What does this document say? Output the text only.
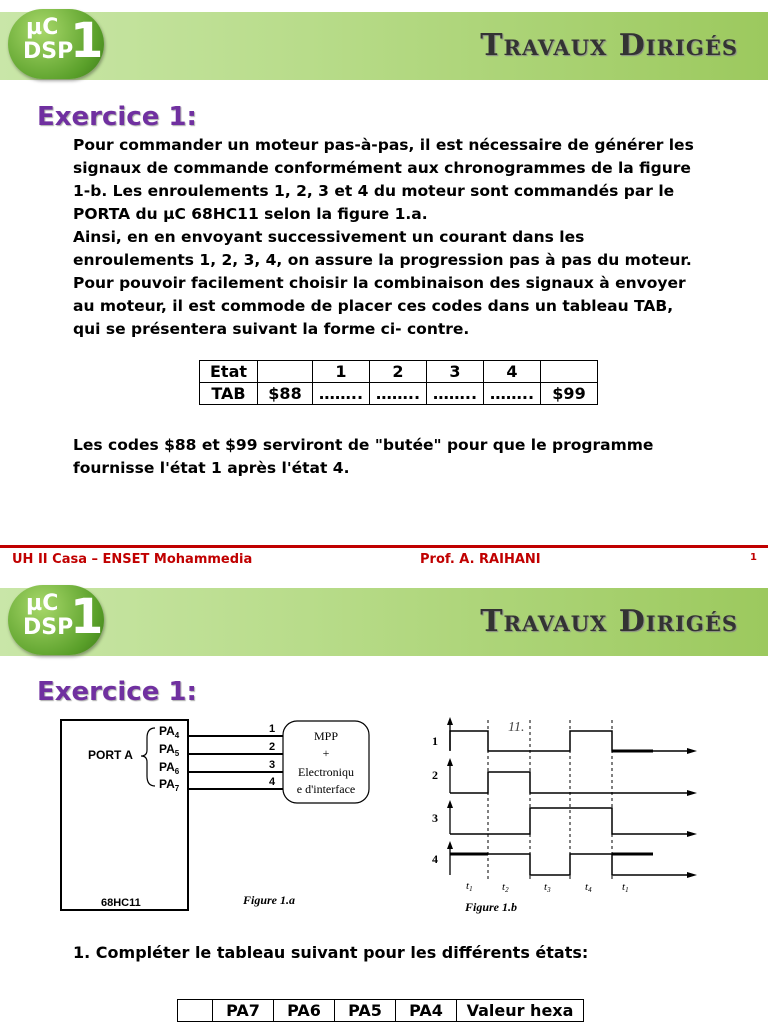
µC
DSP
1	Travaux Dirigés
Exercice 1:
Pour commander un moteur pas-à-pas, il est nécessaire de générer les
signaux de commande conformément aux chronogrammes de la figure
1-b. Les enroulements 1, 2, 3 et 4 du moteur sont commandés par le
PORTA du µC 68HC11 selon la figure 1.a.
Ainsi, en en envoyant successivement un courant dans les
enroulements 1, 2, 3, 4, on assure la progression pas à pas du moteur.
Pour pouvoir facilement choisir la combinaison des signaux à envoyer
au moteur, il est commode de placer ces codes dans un tableau TAB,
qui se présentera suivant la forme ci- contre.
Etat		1	2	3	4	
TAB	$88	……..	……..	……..	……..	$99
Les codes $88 et $99 serviront de "butée" pour que le programme
fournisse l'état 1 après l'état 4.
UH II Casa – ENSET Mohammedia	Prof. A. RAIHANI	1
µC
DSP
1	Travaux Dirigés
Exercice 1:
PORT A
$PA_4$
$PA_5$
$PA_6$
$PA_7$
1
2
3
4
MPP
+
Electroniqu
e d'interface
68HC11	Figure 1.a
11.
1
2
3
4
t1	t2	t3	t4	t1
Figure 1.b
1. Compléter le tableau suivant pour les différents états:
	PA7	PA6	PA5	PA4	Valeur hexa
